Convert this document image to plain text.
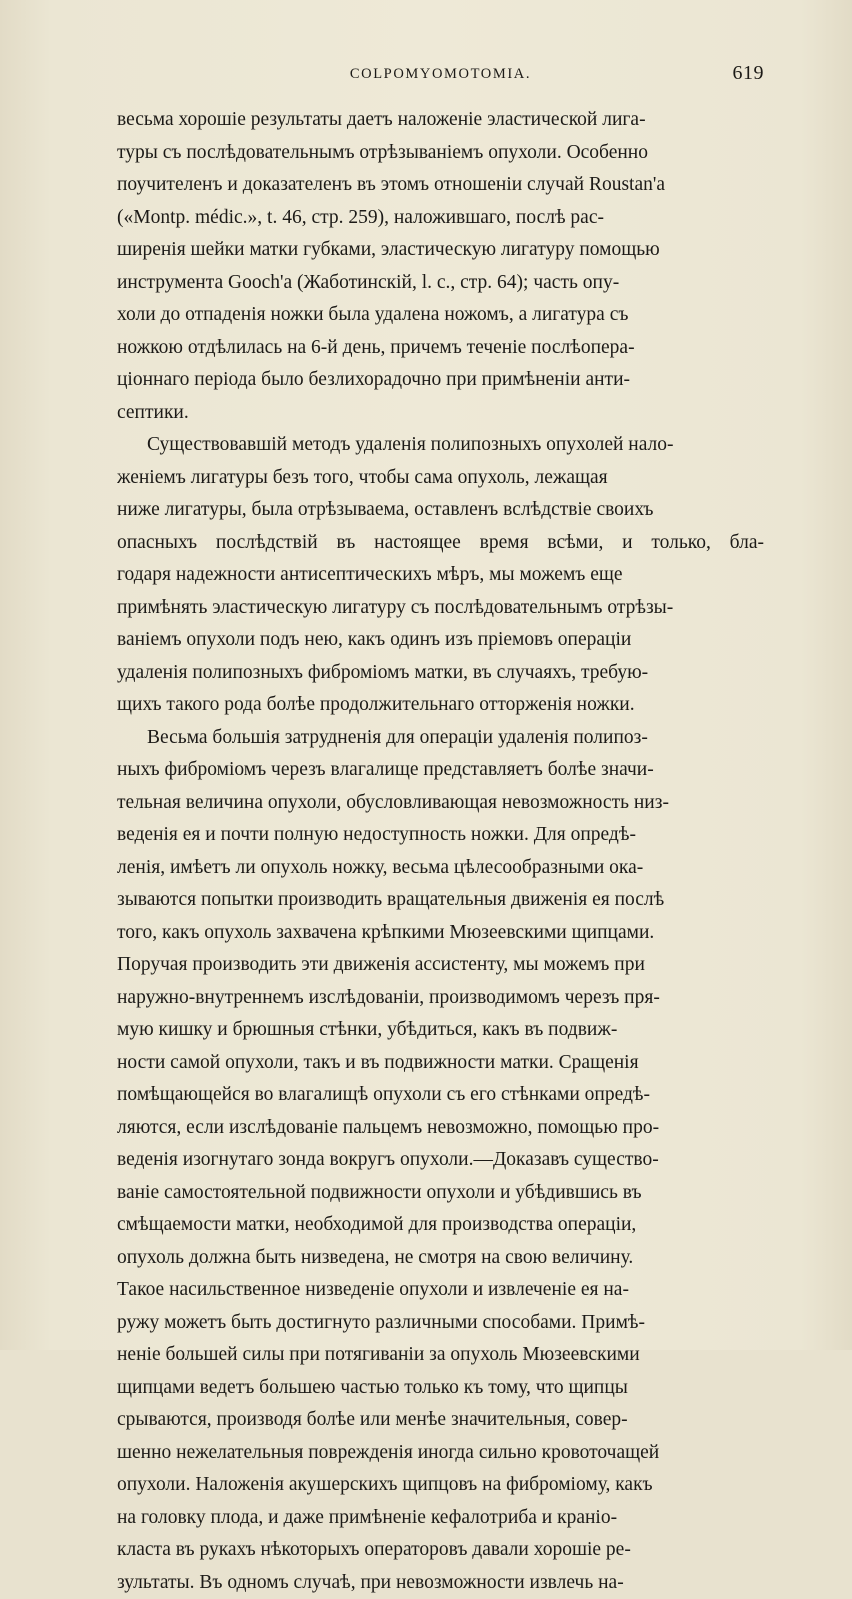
COLPOMYOMOTOMIA.	619
весьма хорошіе результаты даетъ наложеніе эластической лига-
туры съ послѣдовательнымъ отрѣзываніемъ опухоли. Особенно
поучителенъ и доказателенъ въ этомъ отношеніи случай Roustan'а
(«Montp. médic.», t. 46, стр. 259), наложившаго, послѣ рас-
ширенія шейки матки губками, эластическую лигатуру помощью
инструмента Gooch'а (Жаботинскій, l. с., стр. 64); часть опу-
холи до отпаденія ножки была удалена ножомъ, а лигатура съ
ножкою отдѣлилась на 6-й день, причемъ теченіе послѣопера-
ціоннаго періода было безлихорадочно при примѣненіи анти-
септики.
Существовавшій методъ удаленія полипозныхъ опухолей нало-
женіемъ лигатуры безъ того, чтобы сама опухоль, лежащая
ниже лигатуры, была отрѣзываема, оставленъ вслѣдствіе своихъ
опасныхъ послѣдствій въ настоящее время всѣми, и только, бла-
годаря надежности антисептическихъ мѣръ, мы можемъ еще
примѣнять эластическую лигатуру съ послѣдовательнымъ отрѣзы-
ваніемъ опухоли подъ нею, какъ одинъ изъ пріемовъ операціи
удаленія полипозныхъ фиброміомъ матки, въ случаяхъ, требую-
щихъ такого рода болѣе продолжительнаго отторженія ножки.
Весьма большія затрудненія для операціи удаленія полипоз-
ныхъ фиброміомъ черезъ влагалище представляетъ болѣе значи-
тельная величина опухоли, обусловливающая невозможность низ-
веденія ея и почти полную недоступность ножки. Для опредѣ-
ленія, имѣетъ ли опухоль ножку, весьма цѣлесообразными ока-
зываются попытки производить вращательныя движенія ея послѣ
того, какъ опухоль захвачена крѣпкими Мюзеевскими щипцами.
Поручая производить эти движенія ассистенту, мы можемъ при
наружно-внутреннемъ изслѣдованіи, производимомъ черезъ пря-
мую кишку и брюшныя стѣнки, убѣдиться, какъ въ подвиж-
ности самой опухоли, такъ и въ подвижности матки. Сращенія
помѣщающейся во влагалищѣ опухоли съ его стѣнками опредѣ-
ляются, если изслѣдованіе пальцемъ невозможно, помощью про-
веденія изогнутаго зонда вокругъ опухоли.—Доказавъ существо-
ваніе самостоятельной подвижности опухоли и убѣдившись въ
смѣщаемости матки, необходимой для производства операціи,
опухоль должна быть низведена, не смотря на свою величину.
Такое насильственное низведеніе опухоли и извлеченіе ея на-
ружу можетъ быть достигнуто различными способами. Примѣ-
неніе большей силы при потягиваніи за опухоль Мюзеевскими
щипцами ведетъ большею частью только къ тому, что щипцы
срываются, производя болѣе или менѣе значительныя, совер-
шенно нежелательныя поврежденія иногда сильно кровоточащей
опухоли. Наложенія акушерскихъ щипцовъ на фиброміому, какъ
на головку плода, и даже примѣненіе кефалотриба и краніо-
класта въ рукахъ нѣкоторыхъ операторовъ давали хорошіе ре-
зультаты. Въ одномъ случаѣ, при невозможности извлечь на-
